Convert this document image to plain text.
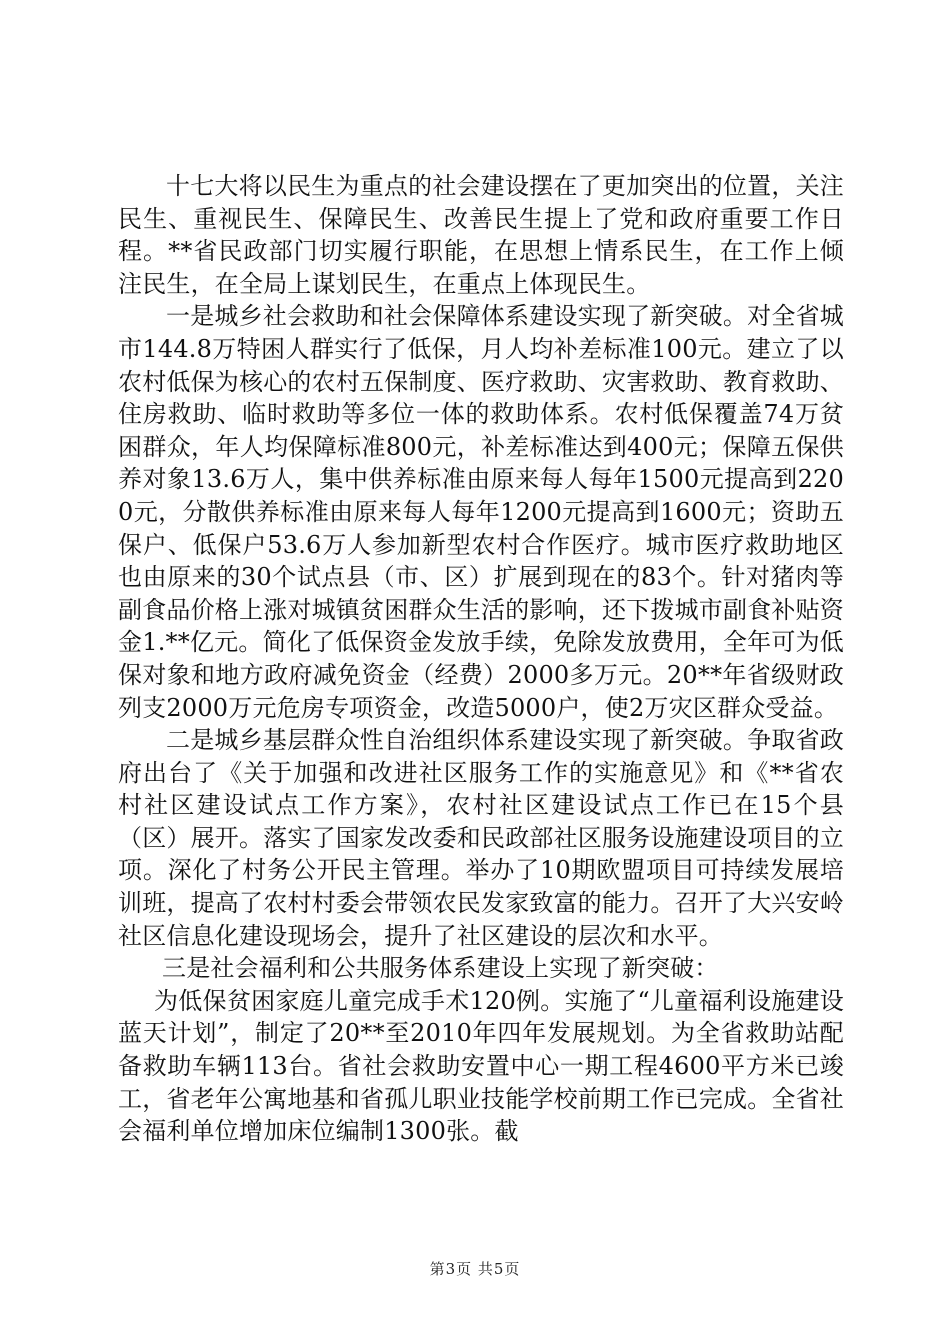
十七大将以民生为重点的社会建设摆在了更加突出的位置，关注民生、重视民生、保障民生、改善民生提上了党和政府重要工作日程。**省民政部门切实履行职能，在思想上情系民生，在工作上倾注民生，在全局上谋划民生，在重点上体现民生。

一是城乡社会救助和社会保障体系建设实现了新突破。对全省城市144.8万特困人群实行了低保，月人均补差标准100元。建立了以农村低保为核心的农村五保制度、医疗救助、灾害救助、教育救助、住房救助、临时救助等多位一体的救助体系。农村低保覆盖74万贫困群众，年人均保障标准800元，补差标准达到400元；保障五保供养对象13.6万人，集中供养标准由原来每人每年1500元提高到2200元，分散供养标准由原来每人每年1200元提高到1600元；资助五保户、低保户53.6万人参加新型农村合作医疗。城市医疗救助地区也由原来的30个试点县（市、区）扩展到现在的83个。针对猪肉等副食品价格上涨对城镇贫困群众生活的影响，还下拨城市副食补贴资金1.**亿元。简化了低保资金发放手续，免除发放费用，全年可为低保对象和地方政府减免资金（经费）2000多万元。20**年省级财政列支2000万元危房专项资金，改造5000户，使2万灾区群众受益。

二是城乡基层群众性自治组织体系建设实现了新突破。争取省政府出台了《关于加强和改进社区服务工作的实施意见》和《**省农村社区建设试点工作方案》，农村社区建设试点工作已在15个县（区）展开。落实了国家发改委和民政部社区服务设施建设项目的立项。深化了村务公开民主管理。举办了10期欧盟项目可持续发展培训班，提高了农村村委会带领农民发家致富的能力。召开了大兴安岭社区信息化建设现场会，提升了社区建设的层次和水平。

三是社会福利和公共服务体系建设上实现了新突破：

为低保贫困家庭儿童完成手术120例。实施了“儿童福利设施建设蓝天计划”，制定了20**至2010年四年发展规划。为全省救助站配备救助车辆113台。省社会救助安置中心一期工程4600平方米已竣工，省老年公寓地基和省孤儿职业技能学校前期工作已完成。全省社会福利单位增加床位编制1300张。截

第3页 共5页
